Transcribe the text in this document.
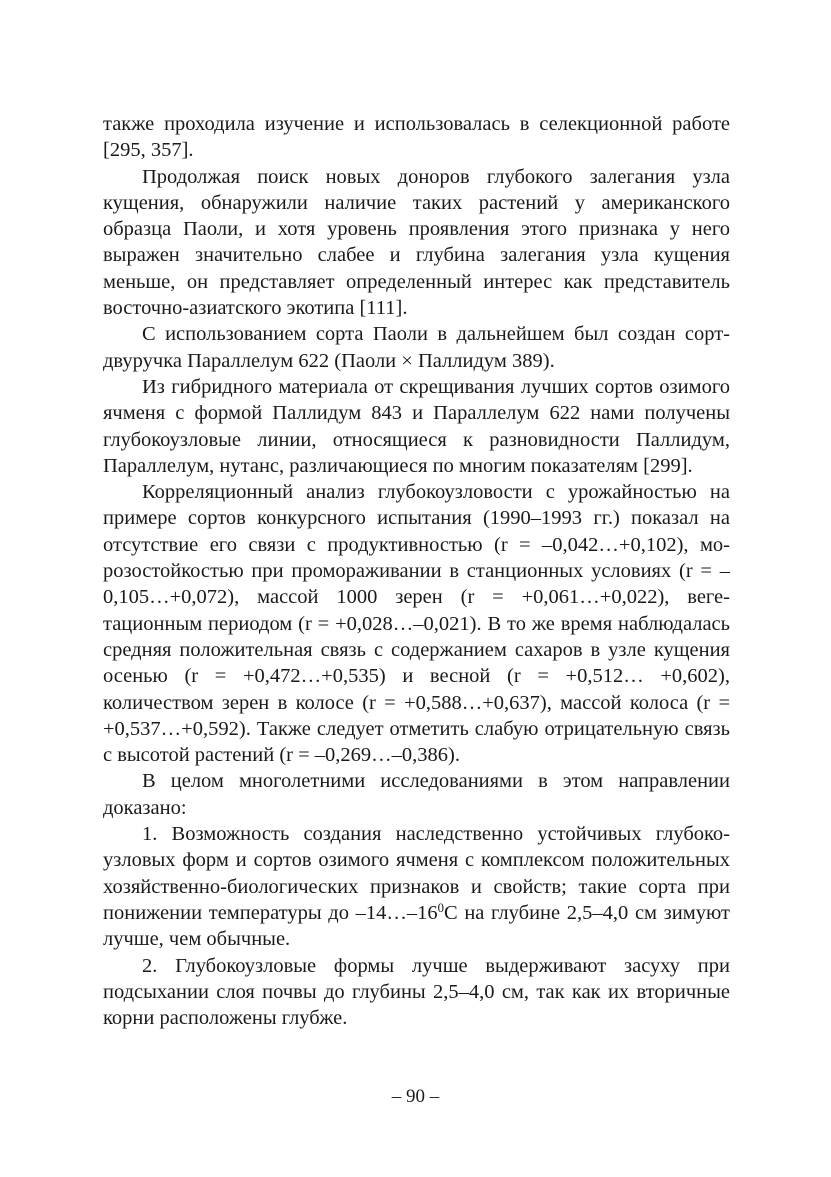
также проходила изучение и использовалась в селекционной работе [295, 357].

Продолжая поиск новых доноров глубокого залегания узла кущения, обнаружили наличие таких растений у американского образца Паоли, и хотя уровень проявления этого признака у него выражен значительно слабее и глубина залегания узла кущения меньше, он представляет определенный интерес как представитель восточно-азиатского экотипа [111].

С использованием сорта Паоли в дальнейшем был создан сорт-двуручка Параллелум 622 (Паоли × Паллидум 389).

Из гибридного материала от скрещивания лучших сортов озимого ячменя с формой Паллидум 843 и Параллелум 622 нами получены глубокоузловые линии, относящиеся к разновидности Паллидум, Параллелум, нутанс, различающиеся по многим показателям [299].

Корреляционный анализ глубокоузловости с урожайностью на примере сортов конкурсного испытания (1990–1993 гг.) показал на отсутствие его связи с продуктивностью (r = –0,042…+0,102), морозостойкостью при промораживании в станционных условиях (r = –0,105…+0,072), массой 1000 зерен (r = +0,061…+0,022), вегетационным периодом (r = +0,028…–0,021). В то же время наблюдалась средняя положительная связь с содержанием сахаров в узле кущения осенью (r = +0,472…+0,535) и весной (r = +0,512… +0,602), количеством зерен в колосе (r = +0,588…+0,637), массой колоса (r = +0,537…+0,592). Также следует отметить слабую отрицательную связь с высотой растений (r = –0,269…–0,386).

В целом многолетними исследованиями в этом направлении доказано:

1. Возможность создания наследственно устойчивых глубокоузловых форм и сортов озимого ячменя с комплексом положительных хозяйственно-биологических признаков и свойств; такие сорта при понижении температуры до $-14\dots-16^0С$ на глубине 2,5–4,0 см зимуют лучше, чем обычные.

2. Глубокоузловые формы лучше выдерживают засуху при подсыхании слоя почвы до глубины 2,5–4,0 см, так как их вторичные корни расположены глубже.

– 90 –
